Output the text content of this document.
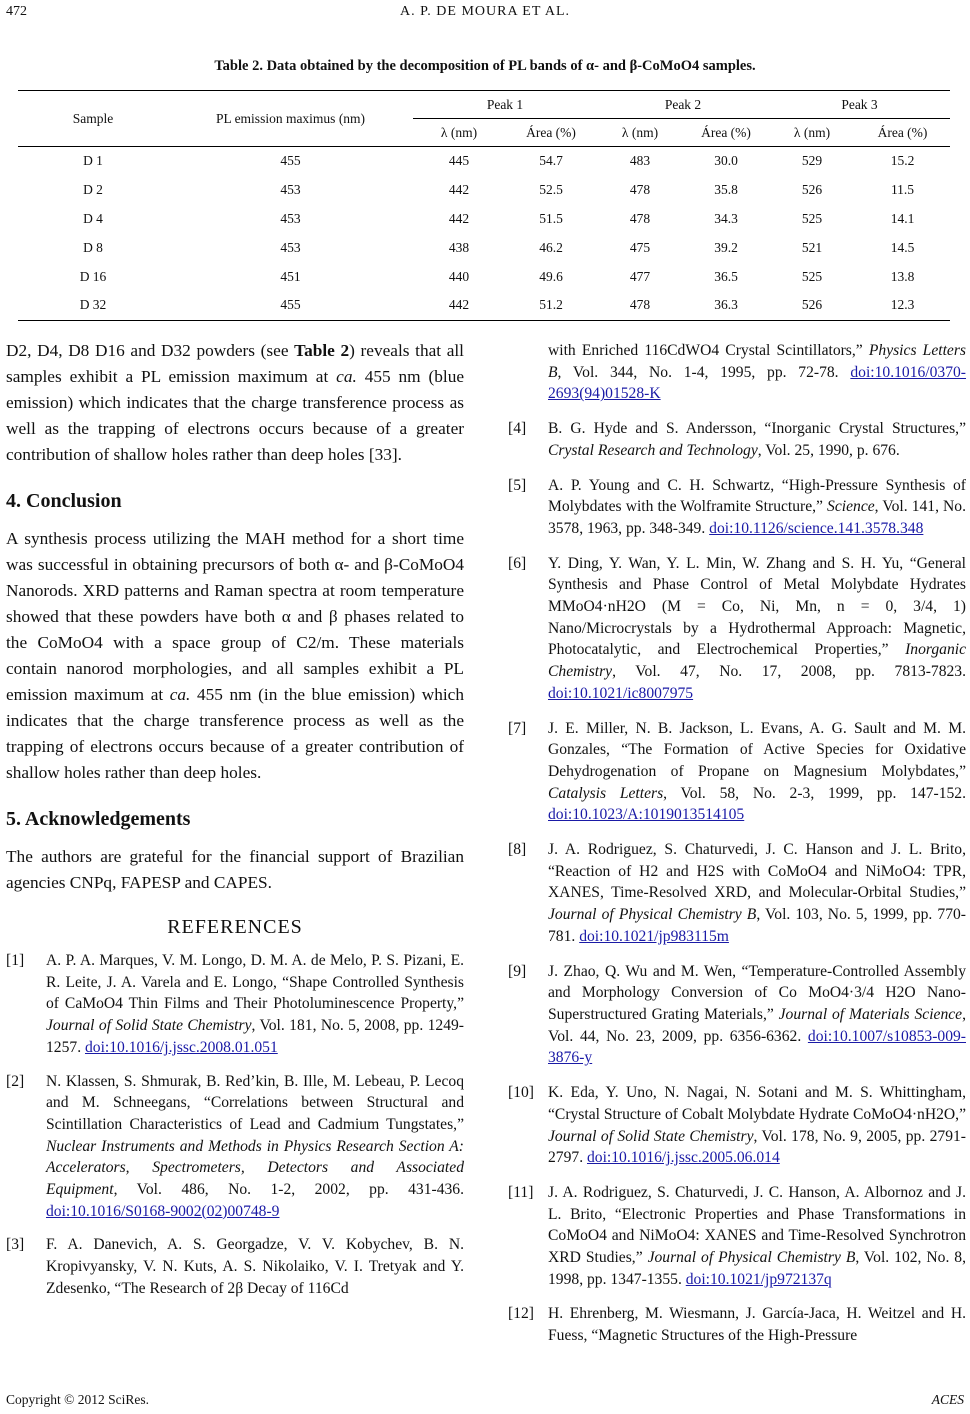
472	A. P. DE MOURA ET AL.
Table 2. Data obtained by the decomposition of PL bands of α- and β-CoMoO4 samples.
Sample	PL emission maximus (nm)	Peak 1		Peak 2		Peak 3	
		λ (nm)	Área (%)	λ (nm)	Área (%)	λ (nm)	Área (%)
D 1	455	445	54.7	483	30.0	529	15.2
D 2	453	442	52.5	478	35.8	526	11.5
D 4	453	442	51.5	478	34.3	525	14.1
D 8	453	438	46.2	475	39.2	521	14.5
D 16	451	440	49.6	477	36.5	525	13.8
D 32	455	442	51.2	478	36.3	526	12.3

D2, D4, D8 D16 and D32 powders (see Table 2) reveals that all samples exhibit a PL emission maximum at ca. 455 nm (blue emission) which indicates that the charge transference process as well as the trapping of electrons occurs because of a greater contribution of shallow holes rather than deep holes [33].

4. Conclusion

A synthesis process utilizing the MAH method for a short time was successful in obtaining precursors of both α- and β-CoMoO4 Nanorods. XRD patterns and Raman spectra at room temperature showed that these powders have both α and β phases related to the CoMoO4 with a space group of C2/m. These materials contain nanorod morphologies, and all samples exhibit a PL emission maximum at ca. 455 nm (in the blue emission) which indicates that the charge transference process as well as the trapping of electrons occurs because of a greater contribution of shallow holes rather than deep holes.

5. Acknowledgements

The authors are grateful for the financial support of Brazilian agencies CNPq, FAPESP and CAPES.

REFERENCES

[1] A. P. A. Marques, V. M. Longo, D. M. A. de Melo, P. S. Pizani, E. R. Leite, J. A. Varela and E. Longo, “Shape Controlled Synthesis of CaMoO4 Thin Films and Their Photoluminescence Property,” Journal of Solid State Chemistry, Vol. 181, No. 5, 2008, pp. 1249-1257. doi:10.1016/j.jssc.2008.01.051
[2] N. Klassen, S. Shmurak, B. Red’kin, B. Ille, M. Lebeau, P. Lecoq and M. Schneegans, “Correlations between Structural and Scintillation Characteristics of Lead and Cadmium Tungstates,” Nuclear Instruments and Methods in Physics Research Section A: Accelerators, Spectrometers, Detectors and Associated Equipment, Vol. 486, No. 1-2, 2002, pp. 431-436. doi:10.1016/S0168-9002(02)00748-9
[3] F. A. Danevich, A. S. Georgadze, V. V. Kobychev, B. N. Kropivyansky, V. N. Kuts, A. S. Nikolaiko, V. I. Tretyak and Y. Zdesenko, “The Research of 2β Decay of 116Cd
with Enriched 116CdWO4 Crystal Scintillators,” Physics Letters B, Vol. 344, No. 1-4, 1995, pp. 72-78. doi:10.1016/0370-2693(94)01528-K
[4] B. G. Hyde and S. Andersson, “Inorganic Crystal Structures,” Crystal Research and Technology, Vol. 25, 1990, p. 676.
[5] A. P. Young and C. H. Schwartz, “High-Pressure Synthesis of Molybdates with the Wolframite Structure,” Science, Vol. 141, No. 3578, 1963, pp. 348-349. doi:10.1126/science.141.3578.348
[6] Y. Ding, Y. Wan, Y. L. Min, W. Zhang and S. H. Yu, “General Synthesis and Phase Control of Metal Molybdate Hydrates MMoO4·nH2O (M = Co, Ni, Mn, n = 0, 3/4, 1) Nano/Microcrystals by a Hydrothermal Approach: Magnetic, Photocatalytic, and Electrochemical Properties,” Inorganic Chemistry, Vol. 47, No. 17, 2008, pp. 7813-7823. doi:10.1021/ic8007975
[7] J. E. Miller, N. B. Jackson, L. Evans, A. G. Sault and M. M. Gonzales, “The Formation of Active Species for Oxidative Dehydrogenation of Propane on Magnesium Molybdates,” Catalysis Letters, Vol. 58, No. 2-3, 1999, pp. 147-152. doi:10.1023/A:1019013514105
[8] J. A. Rodriguez, S. Chaturvedi, J. C. Hanson and J. L. Brito, “Reaction of H2 and H2S with CoMoO4 and NiMoO4: TPR, XANES, Time-Resolved XRD, and Molecular-Orbital Studies,” Journal of Physical Chemistry B, Vol. 103, No. 5, 1999, pp. 770-781. doi:10.1021/jp983115m
[9] J. Zhao, Q. Wu and M. Wen, “Temperature-Controlled Assembly and Morphology Conversion of Co MoO4·3/4 H2O Nano-Superstructured Grating Materials,” Journal of Materials Science, Vol. 44, No. 23, 2009, pp. 6356-6362. doi:10.1007/s10853-009-3876-y
[10] K. Eda, Y. Uno, N. Nagai, N. Sotani and M. S. Whittingham, “Crystal Structure of Cobalt Molybdate Hydrate CoMoO4·nH2O,” Journal of Solid State Chemistry, Vol. 178, No. 9, 2005, pp. 2791-2797. doi:10.1016/j.jssc.2005.06.014
[11] J. A. Rodriguez, S. Chaturvedi, J. C. Hanson, A. Albornoz and J. L. Brito, “Electronic Properties and Phase Transformations in CoMoO4 and NiMoO4: XANES and Time-Resolved Synchrotron XRD Studies,” Journal of Physical Chemistry B, Vol. 102, No. 8, 1998, pp. 1347-1355. doi:10.1021/jp972137q
[12] H. Ehrenberg, M. Wiesmann, J. García-Jaca, H. Weitzel and H. Fuess, “Magnetic Structures of the High-Pressure
Copyright © 2012 SciRes.	ACES
